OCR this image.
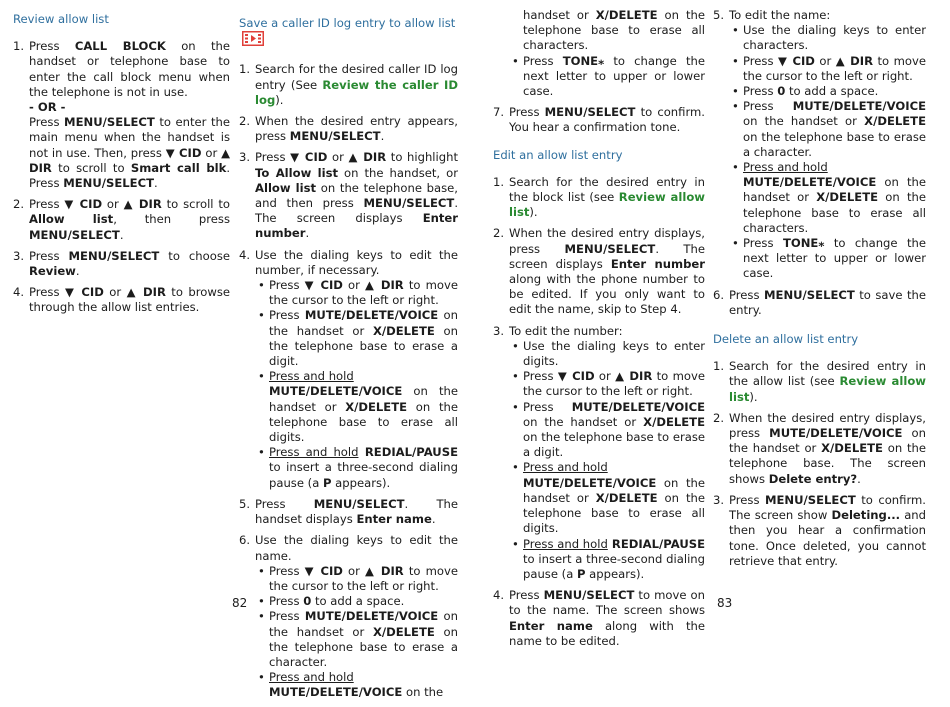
Review allow list
1. Press CALL BLOCK on the handset or telephone base to enter the call block menu when the telephone is not in use.
- OR -
Press MENU/SELECT to enter the main menu when the handset is not in use. Then, press ▼ CID or ▲ DIR to scroll to Smart call blk. Press MENU/SELECT.
2. Press ▼ CID or ▲ DIR to scroll to Allow list, then press MENU/SELECT.
3. Press MENU/SELECT to choose Review.
4. Press ▼ CID or ▲ DIR to browse through the allow list entries.
Save a caller ID log entry to allow list
1. Search for the desired caller ID log entry (See Review the caller ID log).
2. When the desired entry appears, press MENU/SELECT.
3. Press ▼ CID or ▲ DIR to highlight To Allow list on the handset, or Allow list on the telephone base, and then press MENU/SELECT. The screen displays Enter number.
4. Use the dialing keys to edit the number, if necessary.
• Press ▼ CID or ▲ DIR to move the cursor to the left or right.
• Press MUTE/DELETE/VOICE on the handset or X/DELETE on the telephone base to erase a digit.
• Press and hold
MUTE/DELETE/VOICE on the handset or X/DELETE on the telephone base to erase all digits.
• Press and hold REDIAL/PAUSE to insert a three-second dialing pause (a P appears).
5. Press MENU/SELECT. The handset displays Enter name.
6. Use the dialing keys to edit the name.
• Press ▼ CID or ▲ DIR to move the cursor to the left or right.
• Press 0 to add a space.
• Press MUTE/DELETE/VOICE on the handset or X/DELETE on the telephone base to erase a character.
• Press and hold
MUTE/DELETE/VOICE on the
handset or X/DELETE on the telephone base to erase all characters.
• Press TONE⁎ to change the next letter to upper or lower case.
7. Press MENU/SELECT to confirm. You hear a confirmation tone.
Edit an allow list entry
1. Search for the desired entry in the block list (see Review allow list).
2. When the desired entry displays, press MENU/SELECT. The screen displays Enter number along with the phone number to be edited. If you only want to edit the name, skip to Step 4.
3. To edit the number:
• Use the dialing keys to enter digits.
• Press ▼ CID or ▲ DIR to move the cursor to the left or right.
• Press MUTE/DELETE/VOICE on the handset or X/DELETE on the telephone base to erase a digit.
• Press and hold
MUTE/DELETE/VOICE on the handset or X/DELETE on the telephone base to erase all digits.
• Press and hold REDIAL/PAUSE to insert a three-second dialing pause (a P appears).
4. Press MENU/SELECT to move on to the name. The screen shows Enter name along with the name to be edited.
5. To edit the name:
• Use the dialing keys to enter characters.
• Press ▼ CID or ▲ DIR to move the cursor to the left or right.
• Press 0 to add a space.
• Press MUTE/DELETE/VOICE on the handset or X/DELETE on the telephone base to erase a character.
• Press and hold
MUTE/DELETE/VOICE on the handset or X/DELETE on the telephone base to erase all characters.
• Press TONE⁎ to change the next letter to upper or lower case.
6. Press MENU/SELECT to save the entry.
Delete an allow list entry
1. Search for the desired entry in the allow list (see Review allow list).
2. When the desired entry displays, press MUTE/DELETE/VOICE on the handset or X/DELETE on the telephone base. The screen shows Delete entry?.
3. Press MENU/SELECT to confirm. The screen show Deleting... and then you hear a confirmation tone. Once deleted, you cannot retrieve that entry.
82	83
